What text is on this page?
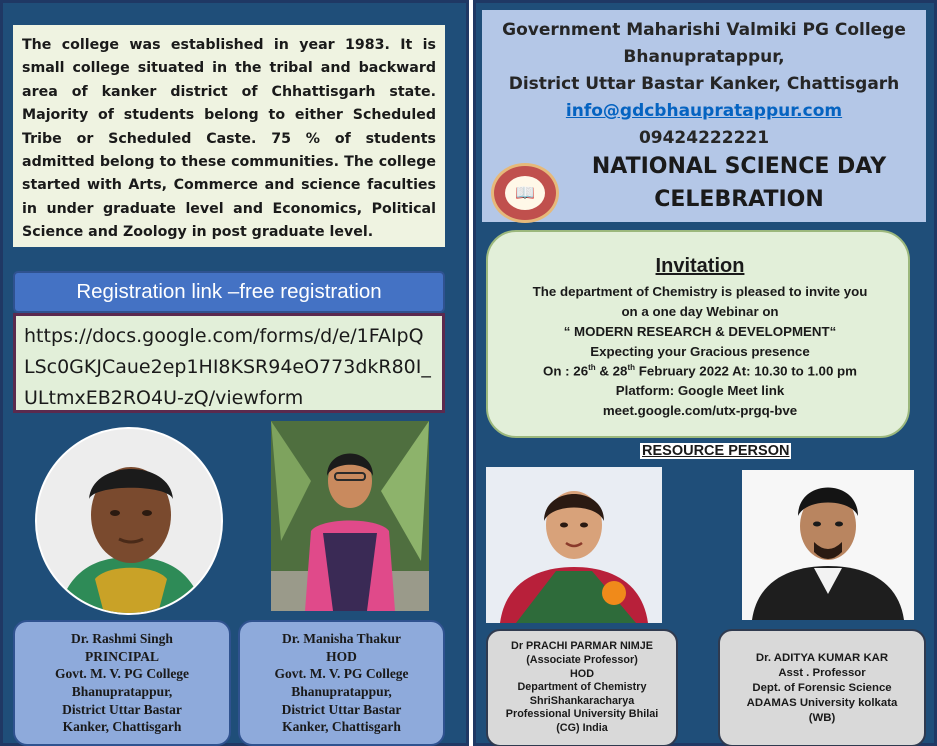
The college was established in year 1983. It is small college situated in the tribal and backward area of kanker district of Chhattisgarh state. Majority of students belong to either Scheduled Tribe or Scheduled Caste. 75 % of students admitted belong to these communities. The college started with Arts, Commerce and science faculties in under graduate level and Economics, Political Science and Zoology in post graduate level.

Registration link –free registration
https://docs.google.com/forms/d/e/1FAIpQLSc0GKJCaue2ep1HI8KSR94eO773dkR80I_ULtmxEB2RO4U-zQ/viewform
Dr. Rashmi Singh
PRINCIPAL
Govt. M. V. PG College
Bhanupratappur,
District Uttar Bastar
Kanker, Chattisgarh
Dr. Manisha Thakur
HOD
Govt. M. V. PG College
Bhanupratappur,
District Uttar Bastar
Kanker, Chattisgarh
Government Maharishi Valmiki PG College
Bhanupratappur,
District Uttar Bastar Kanker, Chattisgarh
info@gdcbhaupratappur.com
09424222221
📖
NATIONAL SCIENCE DAY
CELEBRATION
Invitation
The department of Chemistry is pleased to invite you
on a one day Webinar on
“ MODERN RESEARCH & DEVELOPMENT“
Expecting your Gracious presence
On : 26th & 28th February 2022 At: 10.30 to 1.00 pm
Platform: Google Meet link
meet.google.com/utx-prgq-bve
RESOURCE PERSON
Dr PRACHI PARMAR NIMJE
(Associate Professor)
HOD
Department of Chemistry
ShriShankaracharya
Professional University Bhilai
(CG) India
Dr. ADITYA KUMAR KAR
Asst . Professor
Dept. of Forensic Science
ADAMAS University kolkata
(WB)
